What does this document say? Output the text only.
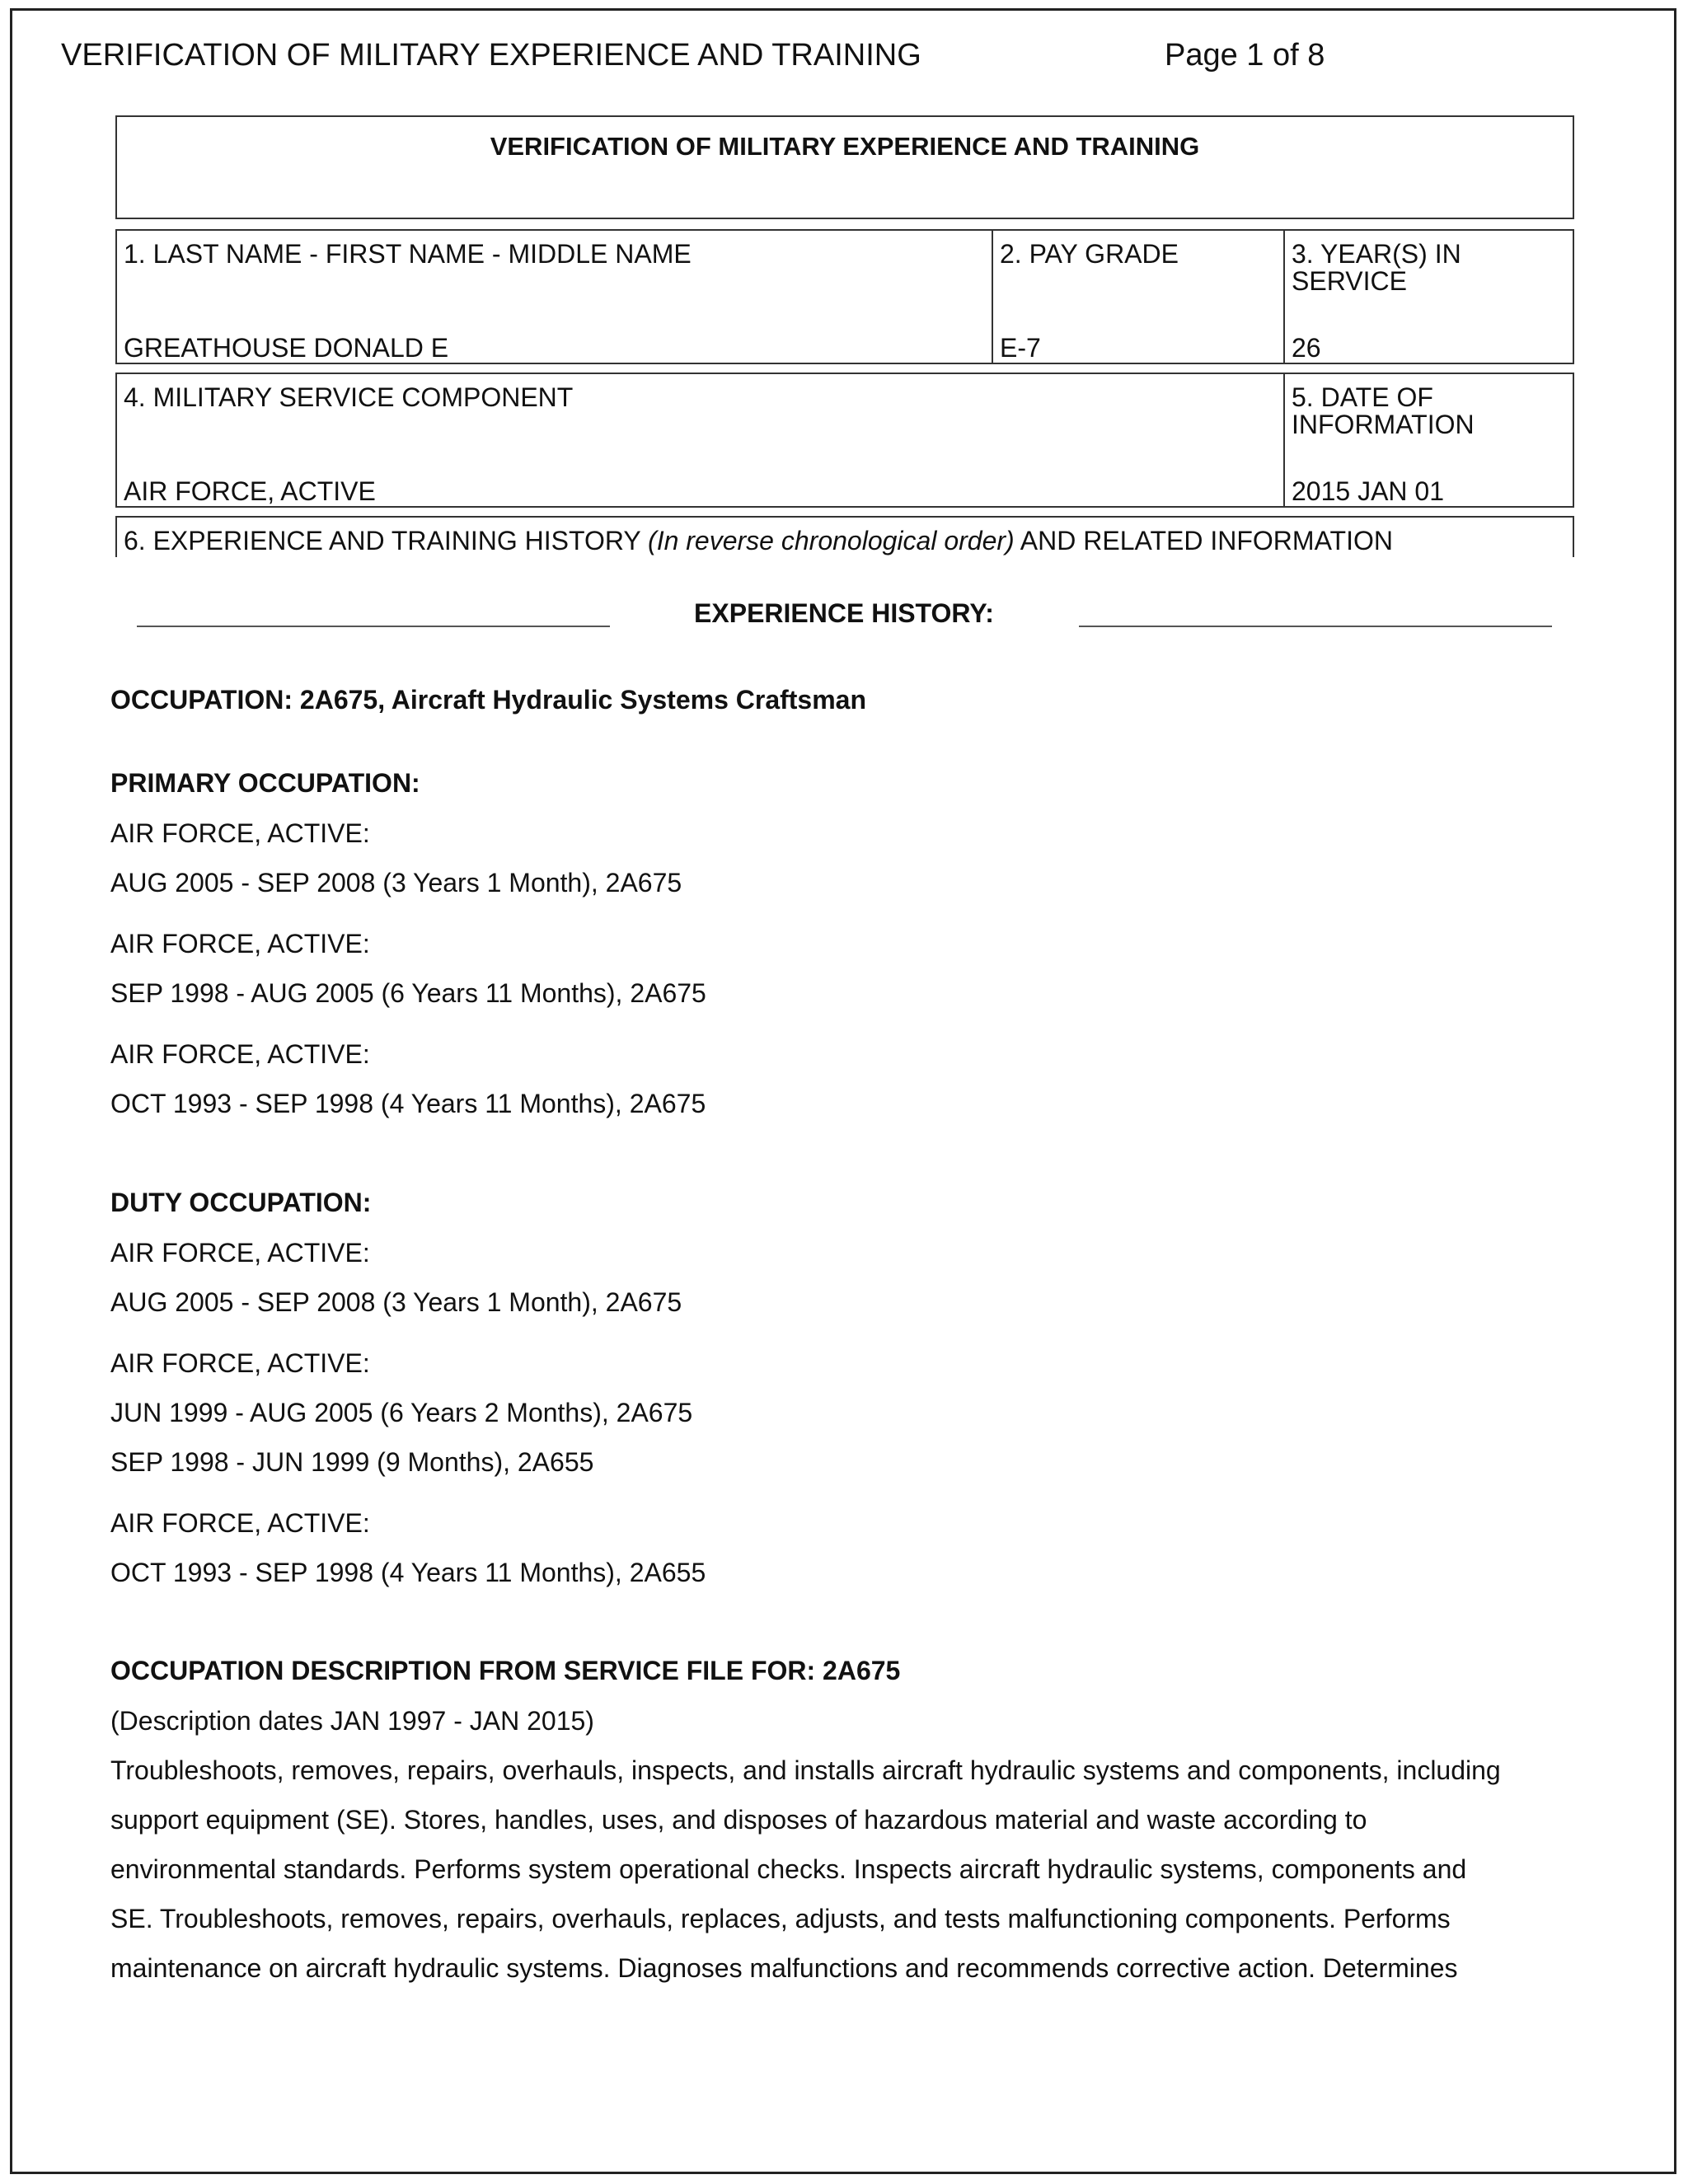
VERIFICATION OF MILITARY EXPERIENCE AND TRAINING	Page 1 of 8
VERIFICATION OF MILITARY EXPERIENCE AND TRAINING
1. LAST NAME - FIRST NAME - MIDDLE NAME
GREATHOUSE DONALD E
2. PAY GRADE
E-7
3. YEAR(S) IN SERVICE
26
4. MILITARY SERVICE COMPONENT
AIR FORCE, ACTIVE
5. DATE OF INFORMATION
2015 JAN 01
6. EXPERIENCE AND TRAINING HISTORY (In reverse chronological order) AND RELATED INFORMATION
EXPERIENCE HISTORY:
OCCUPATION: 2A675, Aircraft Hydraulic Systems Craftsman
PRIMARY OCCUPATION:
AIR FORCE, ACTIVE:
AUG 2005 - SEP 2008 (3 Years 1 Month), 2A675
AIR FORCE, ACTIVE:
SEP 1998 - AUG 2005 (6 Years 11 Months), 2A675
AIR FORCE, ACTIVE:
OCT 1993 - SEP 1998 (4 Years 11 Months), 2A675
DUTY OCCUPATION:
AIR FORCE, ACTIVE:
AUG 2005 - SEP 2008 (3 Years 1 Month), 2A675
AIR FORCE, ACTIVE:
JUN 1999 - AUG 2005 (6 Years 2 Months), 2A675
SEP 1998 - JUN 1999 (9 Months), 2A655
AIR FORCE, ACTIVE:
OCT 1993 - SEP 1998 (4 Years 11 Months), 2A655
OCCUPATION DESCRIPTION FROM SERVICE FILE FOR: 2A675
(Description dates JAN 1997 - JAN 2015)
Troubleshoots, removes, repairs, overhauls, inspects, and installs aircraft hydraulic systems and components, including
support equipment (SE). Stores, handles, uses, and disposes of hazardous material and waste according to
environmental standards. Performs system operational checks. Inspects aircraft hydraulic systems, components and
SE. Troubleshoots, removes, repairs, overhauls, replaces, adjusts, and tests malfunctioning components. Performs
maintenance on aircraft hydraulic systems. Diagnoses malfunctions and recommends corrective action. Determines
